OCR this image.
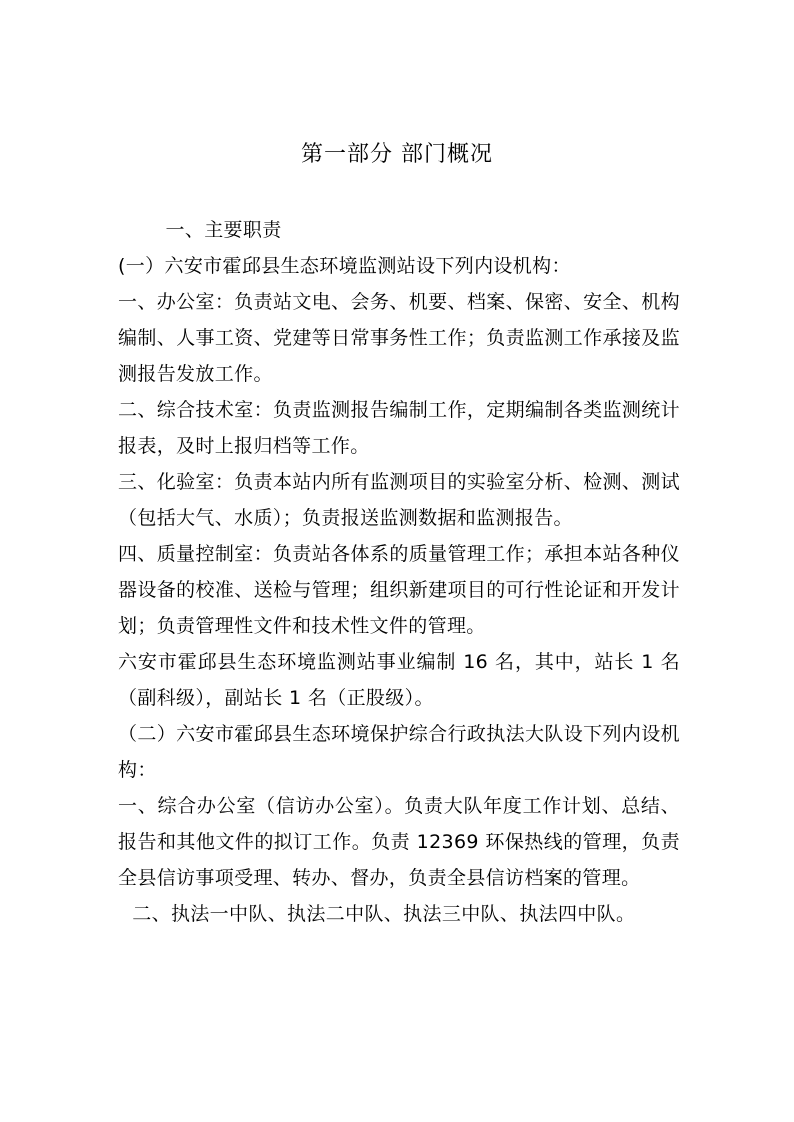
第一部分 部门概况

一、主要职责

(一）六安市霍邱县生态环境监测站设下列内设机构：

一、办公室：负责站文电、会务、机要、档案、保密、安全、机构编制、人事工资、党建等日常事务性工作；负责监测工作承接及监测报告发放工作。

二、综合技术室：负责监测报告编制工作，定期编制各类监测统计报表，及时上报归档等工作。

三、化验室：负责本站内所有监测项目的实验室分析、检测、测试（包括大气、水质）；负责报送监测数据和监测报告。

四、质量控制室：负责站各体系的质量管理工作；承担本站各种仪器设备的校准、送检与管理；组织新建项目的可行性论证和开发计划；负责管理性文件和技术性文件的管理。

六安市霍邱县生态环境监测站事业编制 16 名，其中，站长 1 名（副科级），副站长 1 名（正股级）。

（二）六安市霍邱县生态环境保护综合行政执法大队设下列内设机构：

一、综合办公室（信访办公室）。负责大队年度工作计划、总结、报告和其他文件的拟订工作。负责 12369 环保热线的管理，负责全县信访事项受理、转办、督办，负责全县信访档案的管理。

二、执法一中队、执法二中队、执法三中队、执法四中队。
